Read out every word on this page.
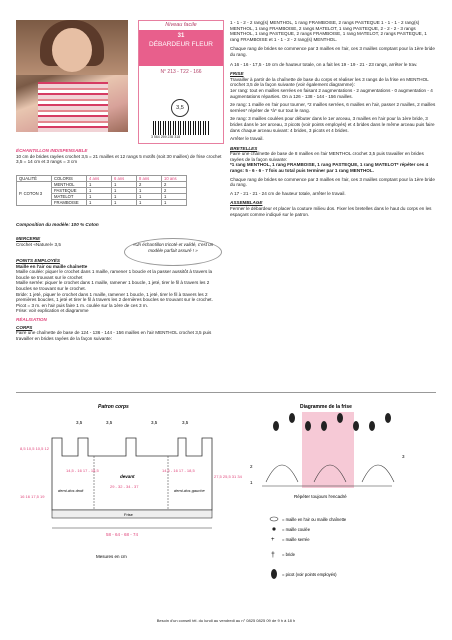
Niveau facile
31
DÉBARDEUR FLEUR
N° 213 - T22 - 166
3,5
3 564 259 235 318
ÉCHANTILLON INDISPENSABLE
10 cm de brides rayées crochet 3,5 = 21 mailles et 12 rangs 5 motifs (soit 30 mailles) de frise crochet 3,5 = 14 cm et 3 rangs = 3 cm
QUALITÉ	COLORIS	4 ans	6 ans	8 ans	10 ans
P. COTON 3	MENTHOL	1	1	2	2
	PASTEQUE	1	1	1	2
	MATELOT	1	1	1	1
	FRAMBOISE	1	1	1	1
Composition du modèle: 100 % Coton
MERCERIE
Crochet «Naturel» 3,5	«Un échantillon tricoté et validé, c'est un modèle parfait assuré ! »
POINTS EMPLOYÉS
Maille en l'air ou maille chaînette
Maille coulée: piquer le crochet dans 1 maille, ramener 1 boucle et la passer aussitôt à travers la boucle se trouvant sur le crochet
Maille serrée: piquer le crochet dans 1 maille, ramener 1 boucle, 1 jeté, tirer le fil à travers les 2 boucles se trouvant sur le crochet.
Bride: 1 jeté, piquer le crochet dans 1 maille, ramener 1 boucle, 1 jeté, tirer le fil à travers les 2 premières boucles, 1 jeté et tirer le fil à travers les 2 dernières boucles se trouvant sur le crochet.
Picot = 3 m. en l'air puis faire 1 m. coulée sur la 1ère de ces 3 m.
Frise: voir explication et diagramme
RÉALISATION
CORPS
Faire une chaînette de base de 124 - 136 - 144 - 156 mailles en l'air MENTHOL crochet 3,5 puis travailler en brides rayées de la façon suivante:
1 - 1 - 2 - 2 rang(s) MENTHOL, 1 rang FRAMBOISE, 2 rangs PASTEQUE 1 - 1 - 1 - 2 rang(s) MENTHOL, 1 rang FRAMBOISE, 2 rangs MATELOT, 1 rang PASTEQUE, 2 - 2 - 2 - 3 rangs MENTHOL, 1 rang PASTEQUE, 2 rangs FRAMBOISE, 1 rang MATELOT, 2 rangs PASTEQUE, 1 rang FRAMBOISE et 1 - 1 - 2 - 2 rang(s) MENTHOL.
Chaque rang de brides se commence par 3 mailles en l'air, ces 3 mailles comptant pour la 1ère bride du rang.
A 16 - 16 - 17,5 - 19 cm de hauteur totale, on a fait les 19 - 19 - 21 - 23 rangs, arrêter le trav.
FRISE
Travailler à partir de la chaînette de base du corps et réaliser les 3 rangs de la frise en MENTHOL crochet 3,5 de la façon suivante (voir également diagramme):
1er rang: tout en mailles serrées en faisant 2 augmentations - 2 augmentations - 0 augmentation - 4 augmentations réparties. On a 126 - 138 - 144 - 156 mailles.
2e rang: 1 maille en l'air pour tourner, *2 mailles serrées, 6 mailles en l'air, passer 2 mailles, 2 mailles serrées* répéter de *à* sur tout le rang.
3e rang: 3 mailles coulées pour débuter dans le 1er arceau, 3 mailles en l'air pour la 1ère bride, 3 brides dans le 1er arceau, 3 picots (voir points employés) et 4 brides dans le même arceau puis faire dans chaque arceau suivant: 4 brides, 3 picots et 4 brides.
Arrêter le travail.
BRETELLES
Faire une chaînette de base de 8 mailles en l'air MENTHOL crochet 3,5 puis travailler en brides rayées de la façon suivante:
*1 rang MENTHOL, 1 rang FRAMBOISE, 1 rang PASTEQUE, 1 rang MATELOT* répéter ces 4 rangs: 5 - 6 - 6 - 7 fois au total puis terminer par 1 rang MENTHOL.
Chaque rang de brides se commence par 3 mailles en l'air, ces 3 mailles comptant pour la 1ère bride du rang.
A 17 - 21 - 21 - 24 cm de hauteur totale, arrêter le travail.
ASSEMBLAGE
Fermer le débardeur et placer la couture milieu dos. Fixer les bretelles dans le haut du corps en les espaçant comme indiqué sur le patron.
Patron corps
3,5	3,5	3,5	3,5
Frise
devant
demi-dos droit	demi-dos gauche
29 - 32 - 34 - 37
14,5 - 16 17 - 18,5	14,5 - 16 17 - 18,5
8,5 10,5 10,5 12
16 16 17,5 19
27,5 25,5 31 34
58 - 64 - 68 - 74
Mesures en cm
Diagramme de la frise
2
1
3
Répéter toujours l'encadré
= maille en l'air ou maille chaînette
= maille coulée
+ = maille serrée
† = bride
= picot (voir points employés)
Besoin d'un conseil tél. du lundi au vendredi au n° 0825 0825 09 de 9 h à 18 h
